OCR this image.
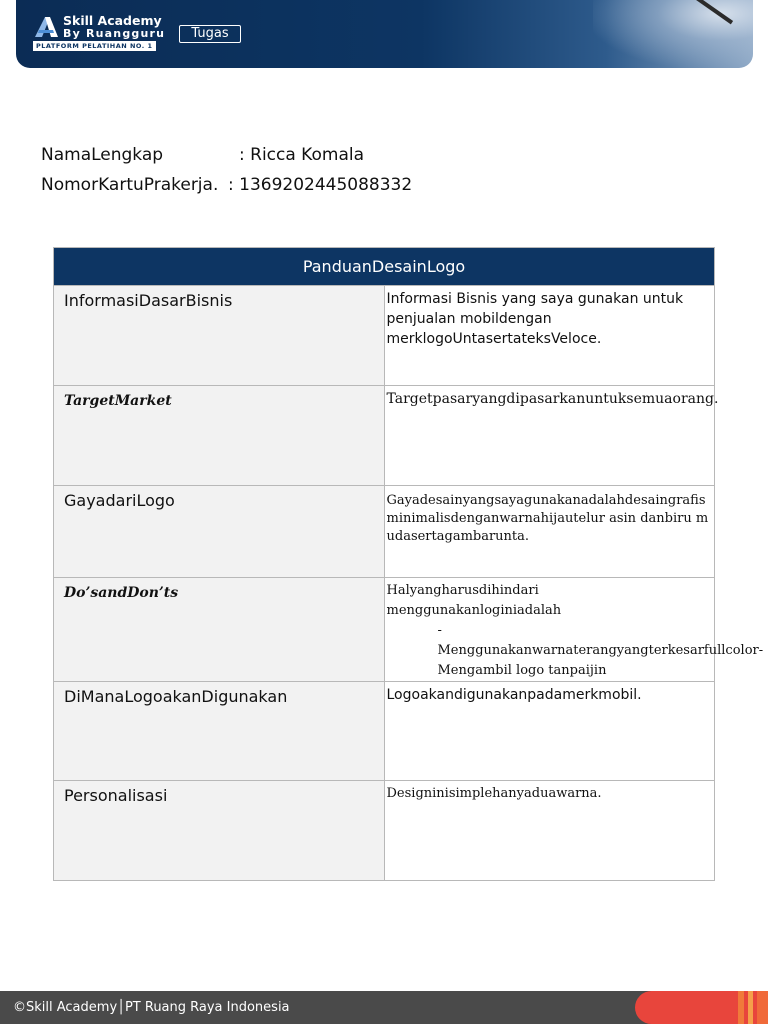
Skill Academy
By Ruangguru
PLATFORM PELATIHAN NO. 1
Tugas
NamaLengkap	: Ricca Komala
NomorKartuPrakerja. : 1369202445088332
PanduanDesainLogo	
InformasiDasarBisnis	Informasi Bisnis yang saya gunakan untuk penjualan mobildengan merklogoUntasertateksVeloce.
TargetMarket	Targetpasaryangdipasarkanuntuksemuaorang.
GayadariLogo	Gayadesainyangsayagunakanadalahdesaingrafisminimalisdenganwarnahijautelur asin danbiru mudasertagambarunta.
Do’sandDon’ts	Halyangharusdihindari menggunakanloginiadalah
-
Menggunakanwarnaterangyangterkesarfullcolor-
Mengambil logo tanpaijin

DiManaLogoakanDigunakan	Logoakandigunakanpadamerkmobil.
Personalisasi	Designinisimplehanyaduawarna.
©Skill Academy│PT Ruang Raya Indonesia
